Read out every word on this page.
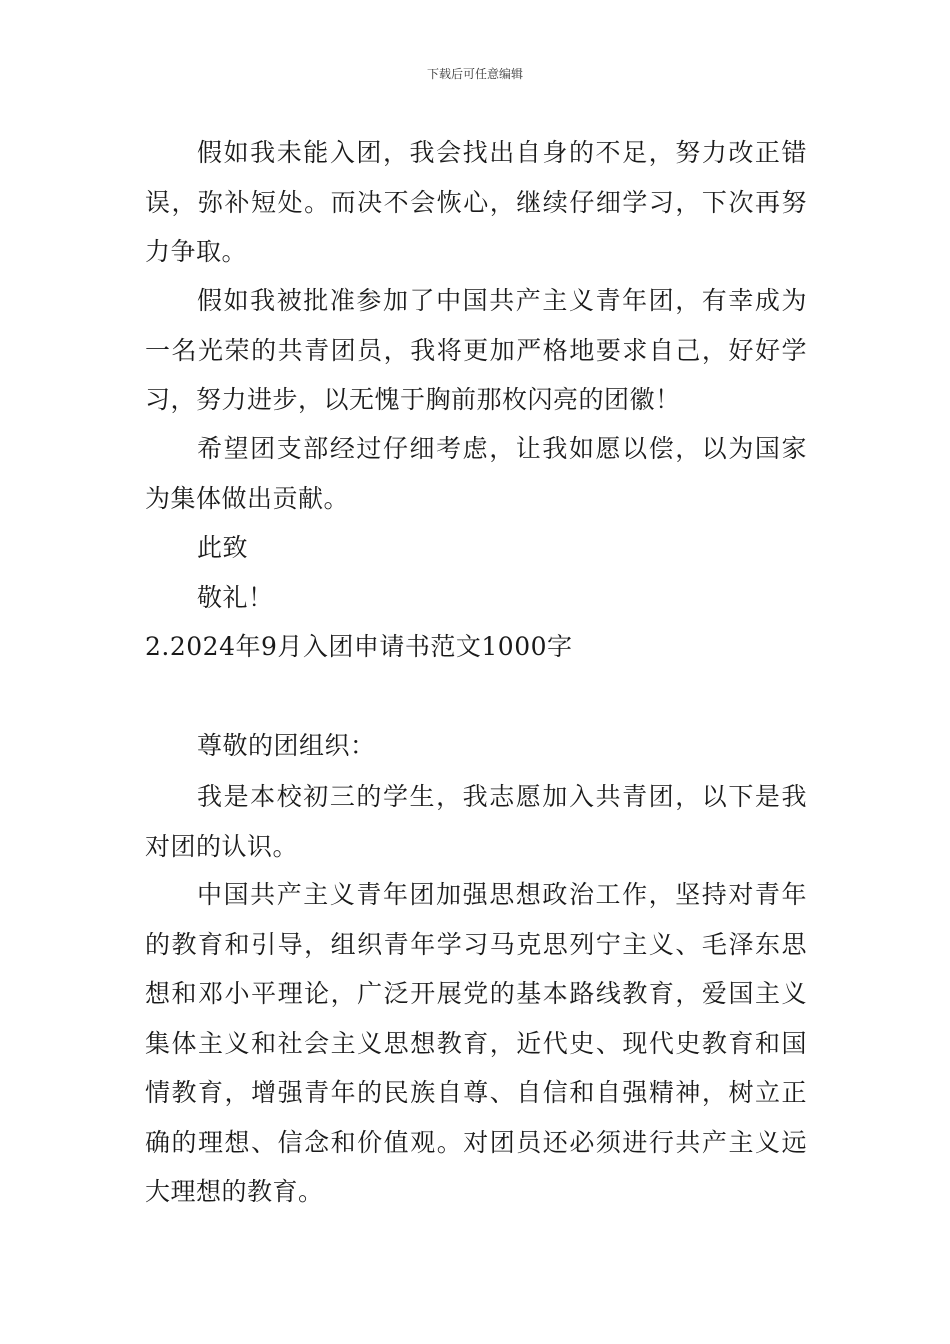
下载后可任意编辑

假如我未能入团，我会找出自身的不足，努力改正错误，弥补短处。而决不会恢心，继续仔细学习，下次再努力争取。

假如我被批准参加了中国共产主义青年团，有幸成为一名光荣的共青团员，我将更加严格地要求自己，好好学习，努力进步，以无愧于胸前那枚闪亮的团徽！

希望团支部经过仔细考虑，让我如愿以偿，以为国家为集体做出贡献。

此致

敬礼！

2.2024年9月入团申请书范文1000字

尊敬的团组织：

我是本校初三的学生，我志愿加入共青团，以下是我对团的认识。

中国共产主义青年团加强思想政治工作，坚持对青年的教育和引导，组织青年学习马克思列宁主义、毛泽东思想和邓小平理论，广泛开展党的基本路线教育，爱国主义集体主义和社会主义思想教育，近代史、现代史教育和国情教育，增强青年的民族自尊、自信和自强精神，树立正确的理想、信念和价值观。对团员还必须进行共产主义远大理想的教育。
